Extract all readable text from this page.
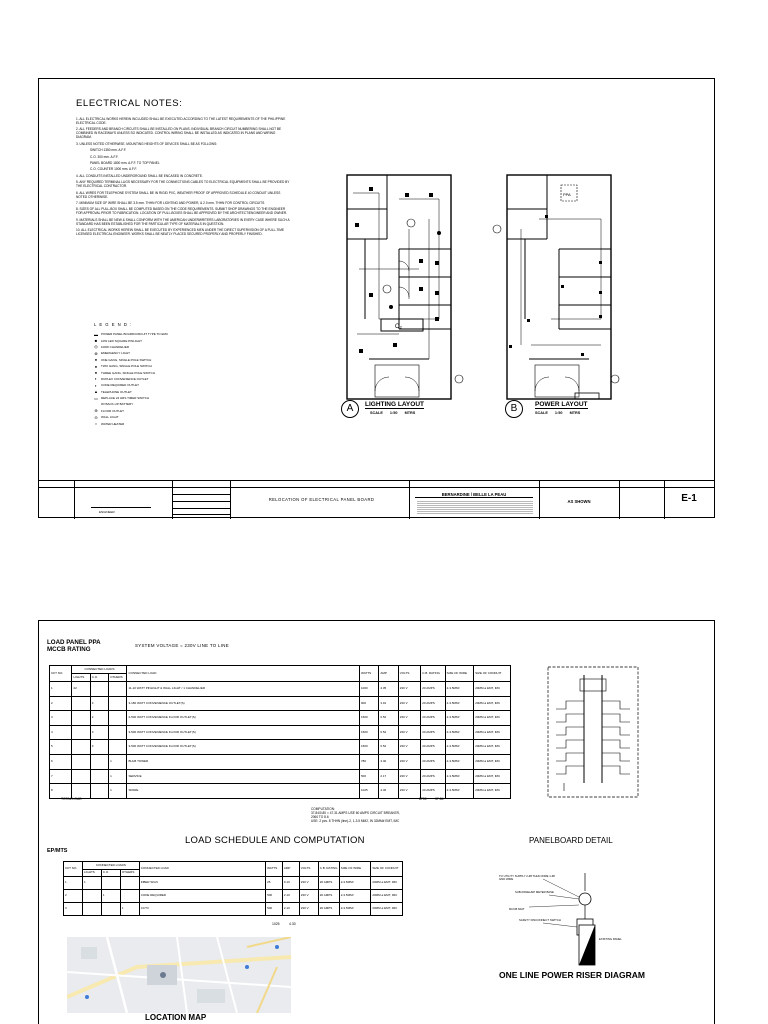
ELECTRICAL NOTES:

1. ALL ELECTRICAL WORKS HEREIN INCLUDED SHALL BE EXECUTED ACCORDING TO THE LATEST REQUIREMENTS OF THE PHILIPPINE ELECTRICAL CODE.

2. ALL FEEDERS AND BRANCH CIRCUITS SHALL BE INSTALLED ON PLANS. INDIVIDUAL BRANCH CIRCUIT NUMBERING SHALL NOT BE COMBINED IN RACEWAYS UNLESS SO INDICATED. CONTROL WIRING SHALL BE INSTALLED AS INDICATED IN PLANS AND WIRING DIAGRAM.

3. UNLESS NOTED OTHERWISE, MOUNTING HEIGHTS OF DEVICES SHALL BE AS FOLLOWS:

SWITCH 1350 mm. A.F.F.

C.O. 300 mm. A.F.F.

PANEL BOARD 1800 mm. A.F.F. TO TOP PANEL

C.O. COUNTER 1000 mm. A.F.F.

4. ALL CONDUITS INSTALLED UNDERGROUND SHALL BE ENCASED IN CONCRETE.

5. ANY REQUIRED TERMINAL LUGS NECESSARY FOR THE CONNECTIONS CABLES TO ELECTRICAL EQUIPMENTS SHALL BE PROVIDED BY THE ELECTRICAL CONTRACTOR.

6. ALL WIRES FOR TELEPHONE SYSTEM SHALL BE IN RIGID PVC, WEATHER PROOF OF APPROVED SCHEDULE 40 CONDUIT UNLESS NOTED OTHERWISE.

7. MINIMUM SIZE OF WIRE SHALL BE 3.5 mm. THHN FOR LIGHTING AND POWER, & 2.0 mm. THHN FOR CONTROL CIRCUITS.

8. SIZES OF ALL PULL-BOX SHALL BE COMPUTED BASED ON THE CODE REQUIREMENTS. SUBMIT SHOP DRAWINGS TO THE ENGINEER FOR APPROVAL PRIOR TO FABRICATION. LOCATION OF PULL-BOXES SHALL BE APPROVED BY THE ARCHITECT/ENGINEER AND OWNER.

9. MATERIALS SHALL BE NEW & SHALL CONFORM WITH THE AMERICAN UNDERWRITERS LABORATORIES IN EVERY CASE WHERE SUCH A STANDARD HAS BEEN ESTABLISHED FOR THE PARTICULAR TYPE OF MATERIALS IN QUESTION.

10. ALL ELECTRICAL WORKS HEREIN SHALL BE EXECUTED BY EXPERIENCED MEN UNDER THE DIRECT SUPERVISION OF A FULL-TIME LICENSED ELECTRICAL ENGINEER. WORKS SHALL BE NEATLY PLACED SECURED PROPERLY AND PROPERLY FINISHED.

L E G E N D :
▬	POWER PANEL BOARD/CIRCUIT TYPE TO EMC
■	10W LED SQUARE PINLIGHT
◎	100W CHANDELIER
⊗	EMERGENCY LIGHT
●	ONE GANG, SINGLE POLE SWITCH
●	TWO GANG, SINGLE POLE SWITCH
●	THREE GANG, SINGLE POLE SWITCH
◐	DUPLEX CONVENIENCE OUTLET
◐	CODE REQUIRED OUTLET
▲	TELEPHONE OUTLET
▭	REPLACE 24 HRS TIMER SWITCH
W/ BACK-UP BATTERY
⊕	FLOOR OUTLET
⊖	WALL LIGHT
○	WATER HEATER
O₂
A	LIGHTING LAYOUT
SCALE 1:50 MTRS
PPA
B	POWER LAYOUT
SCALE 1:50 MTRS
ENGINEER
RELOCATION OF ELECTRICAL PANEL BOARD
BERNARDINE / BELLE LA PEAU
AS SHOWN	E-1
LOAD PANEL PPA
MCCB RATING
SYSTEM VOLTAGE = 230V LINE TO LINE
CKT NO.	CONNECTED LOADS			CONNECTED LOAD	WATTS	AMP	VOLTS	C.B. RATING	SIZE OF WIRE	SIZE OF CONDUIT
	LIGHTS	C.O.	OTHERS							
1	22			11-10 WATT PINLIGHT & WALL LIGHT / 1 CHANDELIER	1000	4.35	230 V	20 AMPS	2-3.5MM²	20MM ø EMT, IMC
2		3		3-180 WATT CONVENIENCE OUTLET(S)	900	3.91	230 V	20 AMPS	2-3.5MM²	20MM ø EMT, IMC
3		2		2-500 WATT CONVENIENCE FLOOR OUTLET(S)	1500	6.52	230 V	20 AMPS	2-3.5MM²	20MM ø EMT, IMC
4		3		3-500 WATT CONVENIENCE FLOOR OUTLET(S)	1500	6.52	230 V	20 AMPS	2-3.5MM²	20MM ø EMT, IMC
5		3		3-500 WATT CONVENIENCE FLOOR OUTLET(S)	1500	6.52	230 V	20 AMPS	2-3.5MM²	20MM ø EMT, IMC
6			1	BULB TOWER	780	3.40	230 V	20 AMPS	2-3.5MM²	20MM ø EMT, IMC
7			1	SERVICE	500	2.17	230 V	20 AMPS	2-3.5MM²	20MM ø EMT, IMC
8			1	SPARE	1025	4.46	230 V	20 AMPS	2-3.5MM²	20MM ø EMT, IMC
TOTAL LOAD	8705 37.84
COMPUTATION:
37.84/0.80 = 47.31 AMPS USE 60 AMPS CIRCUIT BREAKER,
2060 TO 8.6
USE: 2 pcs. 8 THHN (line)-2, 1-3.5 MM2, IN 32MM# EMT, IMC
LOAD SCHEDULE AND COMPUTATION	PANELBOARD DETAIL
EP/MTS
CKT NO.	CONNECTED LOADS			CONNECTED LOAD	WATTS	AMP	VOLTS	C.B. RATING	SIZE OF WIRE	SIZE OF CONDUIT
	LIGHTS	C.O.	OTHERS							
1	1			FIBER SIGN	25	0.10	230 V	20 AMPS	2-3.5MM²	20MM ø EMT, IMC
2		1		CODE REQUIRED	500	2.10	230 V	20 AMPS	2-3.5MM²	20MM ø EMT, IMC
3			1	CCTV	500	2.10	230 V	20 AMPS	2-3.5MM²	20MM ø EMT, IMC
1025	4.30
TO UTILITY SUPPLY 2-#8 THHN WIRE 1-#8 GND WIRE
SUB-PANEL/EP METER BASE
MCCB 60AT
SAFETY DISCONNECT SWITCH
EXISTING PANEL
ONE LINE POWER RISER DIAGRAM
LOCATION MAP
